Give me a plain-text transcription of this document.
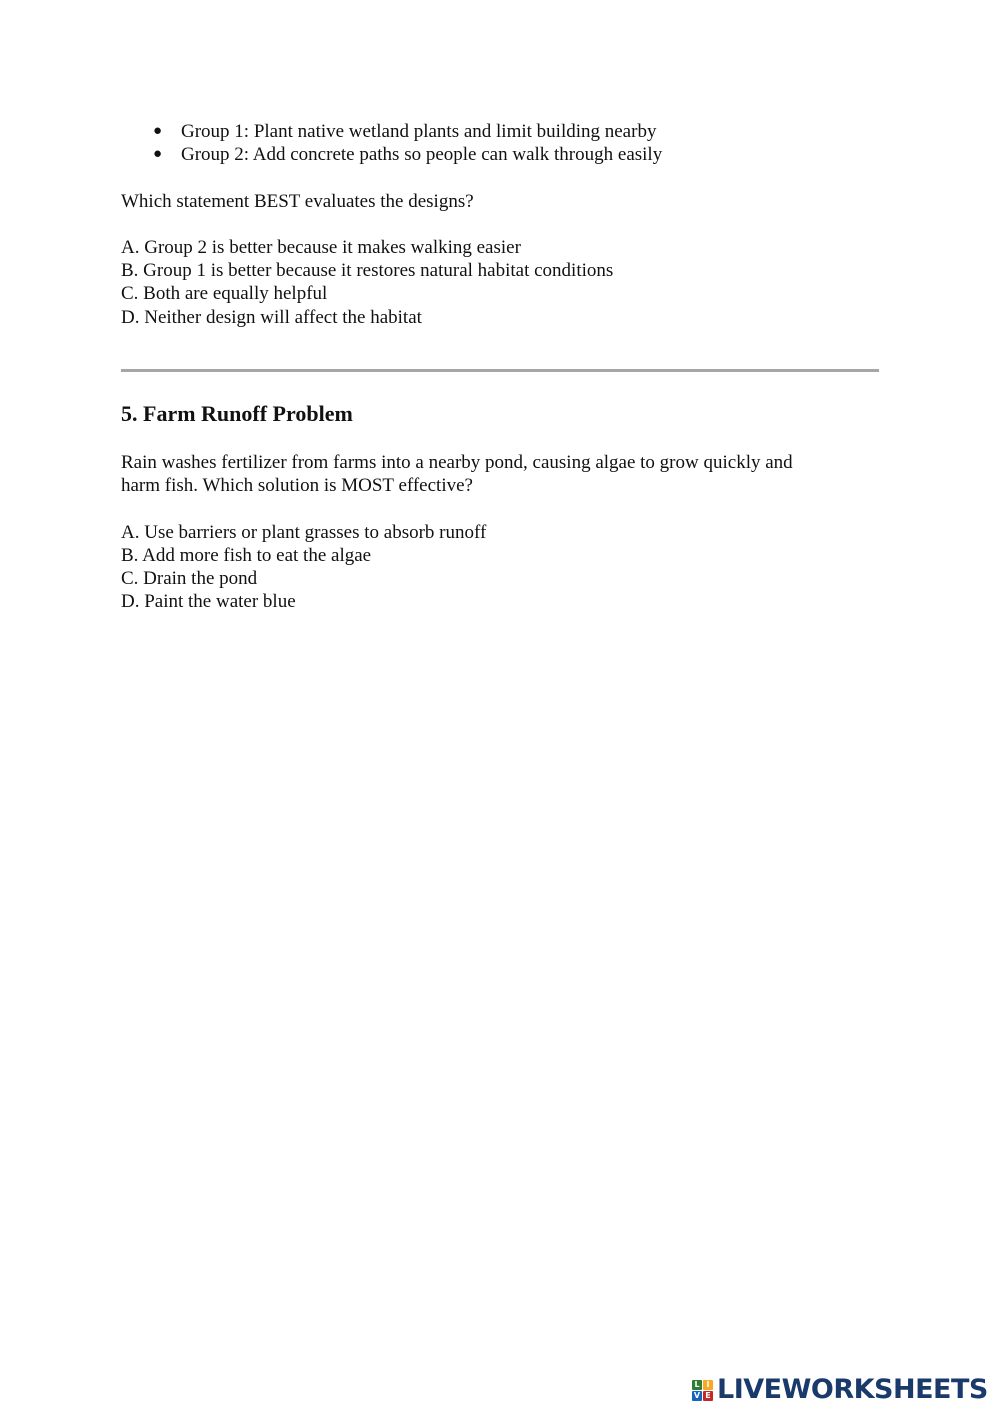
● Group 1: Plant native wetland plants and limit building nearby
● Group 2: Add concrete paths so people can walk through easily

Which statement BEST evaluates the designs?

A. Group 2 is better because it makes walking easier
B. Group 1 is better because it restores natural habitat conditions
C. Both are equally helpful
D. Neither design will affect the habitat
5. Farm Runoff Problem

Rain washes fertilizer from farms into a nearby pond, causing algae to grow quickly and
harm fish. Which solution is MOST effective?

A. Use barriers or plant grasses to absorb runoff
B. Add more fish to eat the algae
C. Drain the pond
D. Paint the water blue
L I
V E LIVEWORKSHEETS
